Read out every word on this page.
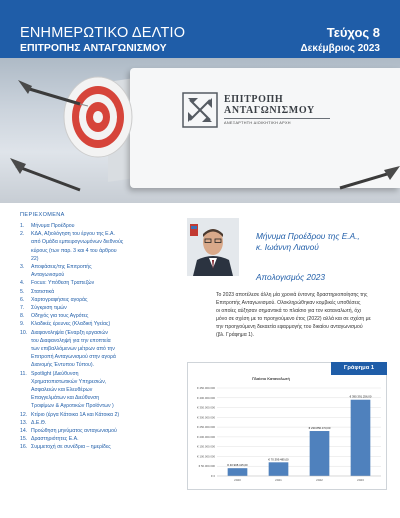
ΕΝΗΜΕΡΩΤΙΚΟ ΔΕΛΤΙΟ
ΕΠΙΤΡΟΠΗΣ ΑΝΤΑΓΩΝΙΣΜΟΥ
Τεύχος 8
Δεκέμβριος 2023
ΕΠΙΤΡΟΠΗ
ΑΝΤΑΓΩΝΙΣΜΟΥ
ΑΝΕΞΑΡΤΗΤΗ ΔΙΟΙΚΗΤΙΚΗ ΑΡΧΗ
ΠΕΡΙΕΧΟΜΕΝΑ
1.	Μήνυμα Προέδρου
2.	ΚΔΑ, Αξιολόγηση του έργου της Ε.Α.
από Ομάδα εμπειρογνωμόνων διεθνούς
κύρους (των παρ. 3 και 4 του άρθρου
22)
3.	Αποφάσεις/της Επιτροπής
Ανταγωνισμού
4.	Focus: Υπόθεση Τραπεζών
5.	Στατιστικά
6.	Χαρτογραφήσεις αγοράς
7.	Σύγκριση τιμών
8.	Οδηγός για τους Αγρότες
9.	Κλαδικές έρευνες (Κλαδική Υγείας)
10. Διαφανοληψία (Έναρξη εργασιών
του Διαφανοληψή για την εποπτεία
των επιβαλλόμενων μέτρων από την
Επιτροπή Ανταγωνισμού στην αγορά
Διανομής Έντυπου Τύπου).
11. Spotlight (Διεύθυνση
Χρηματοπιστωτικών Υπηρεσιών,
Ασφαλειών και Ελευθέρων
Επαγγελμάτων και Διεύθυνση
Τροφίμων & Αγροτικών Προϊόντων )
12. Κτίριο (έργα Κάτοικα 1Α και Κάτοικα 2)
13. Δ.Ε.Θ.
14. Προώθηση μηνύματος ανταγωνισμού
15. Δραστηριότητες Ε.Α.
16. Συμμετοχή σε συνέδρια – ημερίδες
Μήνυμα Προέδρου της Ε.Α.,
κ. Ιωάννη Λιανού
Απολογισμός 2023
Το 2023 αποτέλεσε άλλη μία χρονιά έντονης δραστηριοποίησης της
Επιτροπής Ανταγωνισμού. Ολοκληρώθηκαν κομβικές υποθέσεις
οι οποίες αύξησαν σημαντικά το πλαίσιο για τον καταναλωτή, όχι
μόνο σε σχέση με το προηγούμενο έτος (2022) αλλά και σε σχέση με
την προηγούμενη δεκαετία εφαρμογής του δικαίου ανταγωνισμού
(βλ. Γράφημα 1).
Γράφημα 1
Πλαίσιο Καταναλωτή
€ 0
€ 50.000.000
€ 100.000.000
€ 150.000.000
€ 200.000.000
€ 250.000.000
€ 300.000.000
€ 350.000.000
€ 400.000.000
€ 450.000.000
€ 40.908.415,00
2020
€ 70.399.485,00
2021
€ 230.850.473,00
2022
€ 390.391.256,00
2023
